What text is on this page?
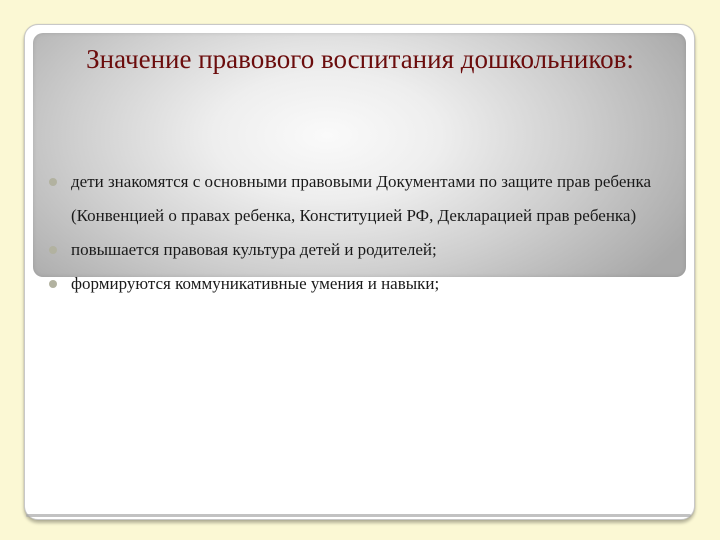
Значение правового воспитания дошкольников:
дети знакомятся с основными правовыми Документами по защите прав ребенка (Конвенцией о правах ребенка, Конституцией РФ, Декларацией прав ребенка)
повышается правовая культура детей и родителей;
формируются коммуникативные умения и навыки;
